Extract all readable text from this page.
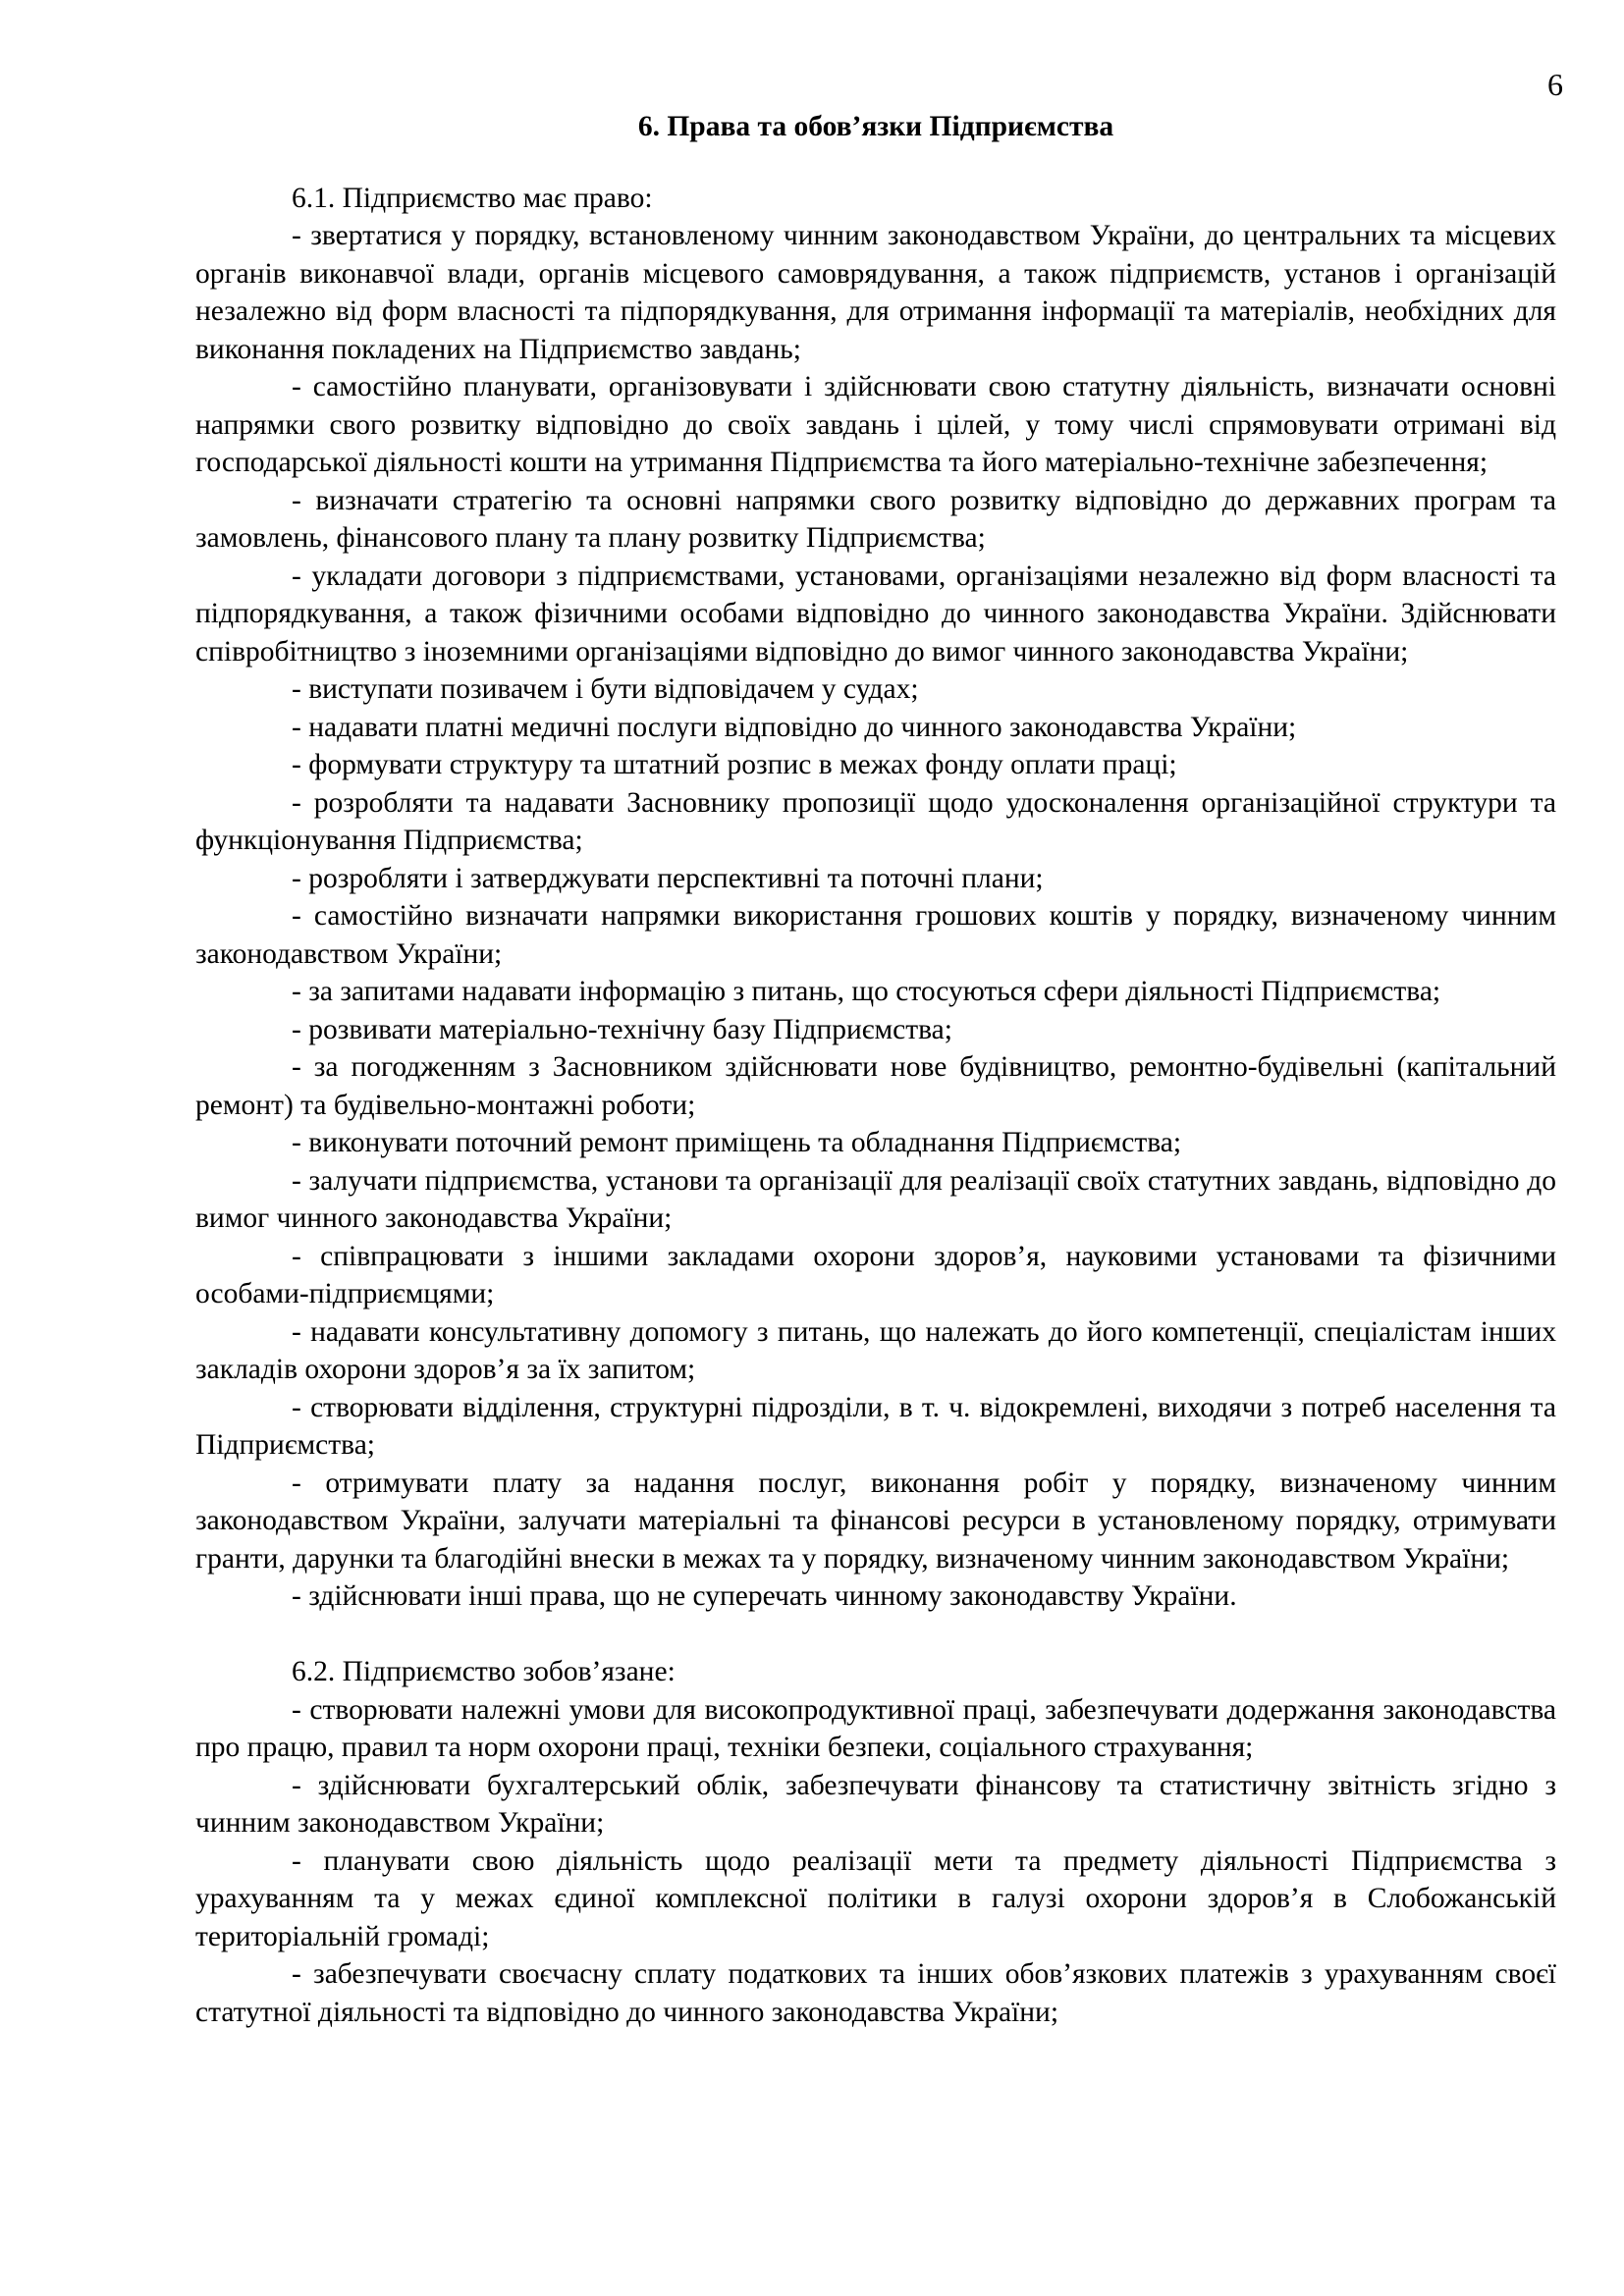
6
6. Права та обов’язки Підприємства

6.1. Підприємство має право:

- звертатися у порядку, встановленому чинним законодавством України, до центральних та місцевих органів виконавчої влади, органів місцевого самоврядування, а також підприємств, установ і організацій незалежно від форм власності та підпорядкування, для отримання інформації та матеріалів, необхідних для виконання покладених на Підприємство завдань;

- самостійно планувати, організовувати і здійснювати свою статутну діяльність, визначати основні напрямки свого розвитку відповідно до своїх завдань і цілей, у тому числі спрямовувати отримані від господарської діяльності кошти на утримання Підприємства та його матеріально-технічне забезпечення;

- визначати стратегію та основні напрямки свого розвитку відповідно до державних програм та замовлень, фінансового плану та плану розвитку Підприємства;

- укладати договори з підприємствами, установами, організаціями незалежно від форм власності та підпорядкування, а також фізичними особами відповідно до чинного законодавства України. Здійснювати співробітництво з іноземними організаціями відповідно до вимог чинного законодавства України;

- виступати позивачем і бути відповідачем у судах;

- надавати платні медичні послуги відповідно до чинного законодавства України;

- формувати структуру та штатний розпис в межах фонду оплати праці;

- розробляти та надавати Засновнику пропозиції щодо удосконалення організаційної структури та функціонування Підприємства;

- розробляти і затверджувати перспективні та поточні плани;

- самостійно визначати напрямки використання грошових коштів у порядку, визначеному чинним законодавством України;

- за запитами надавати інформацію з питань, що стосуються сфери діяльності Підприємства;

- розвивати матеріально-технічну базу Підприємства;

- за погодженням з Засновником здійснювати нове будівництво, ремонтно-будівельні (капітальний ремонт) та будівельно-монтажні роботи;

- виконувати поточний ремонт приміщень та обладнання Підприємства;

- залучати підприємства, установи та організації для реалізації своїх статутних завдань, відповідно до вимог чинного законодавства України;

- співпрацювати з іншими закладами охорони здоров’я, науковими установами та фізичними особами-підприємцями;

- надавати консультативну допомогу з питань, що належать до його компетенції, спеціалістам інших закладів охорони здоров’я за їх запитом;

- створювати відділення, структурні підрозділи, в т. ч. відокремлені, виходячи з потреб населення та Підприємства;

- отримувати плату за надання послуг, виконання робіт у порядку, визначеному чинним законодавством України, залучати матеріальні та фінансові ресурси в установленому порядку, отримувати гранти, дарунки та благодійні внески в межах та у порядку, визначеному чинним законодавством України;

- здійснювати інші права, що не суперечать чинному законодавству України.

6.2. Підприємство зобов’язане:

- створювати належні умови для високопродуктивної праці, забезпечувати додержання законодавства про працю, правил та норм охорони праці, техніки безпеки, соціального страхування;

- здійснювати бухгалтерський облік, забезпечувати фінансову та статистичну звітність згідно з чинним законодавством України;

- планувати свою діяльність щодо реалізації мети та предмету діяльності Підприємства з урахуванням та у межах єдиної комплексної політики в галузі охорони здоров’я в Слобожанській територіальній громаді;

- забезпечувати своєчасну сплату податкових та інших обов’язкових платежів з урахуванням своєї статутної діяльності та відповідно до чинного законодавства України;
